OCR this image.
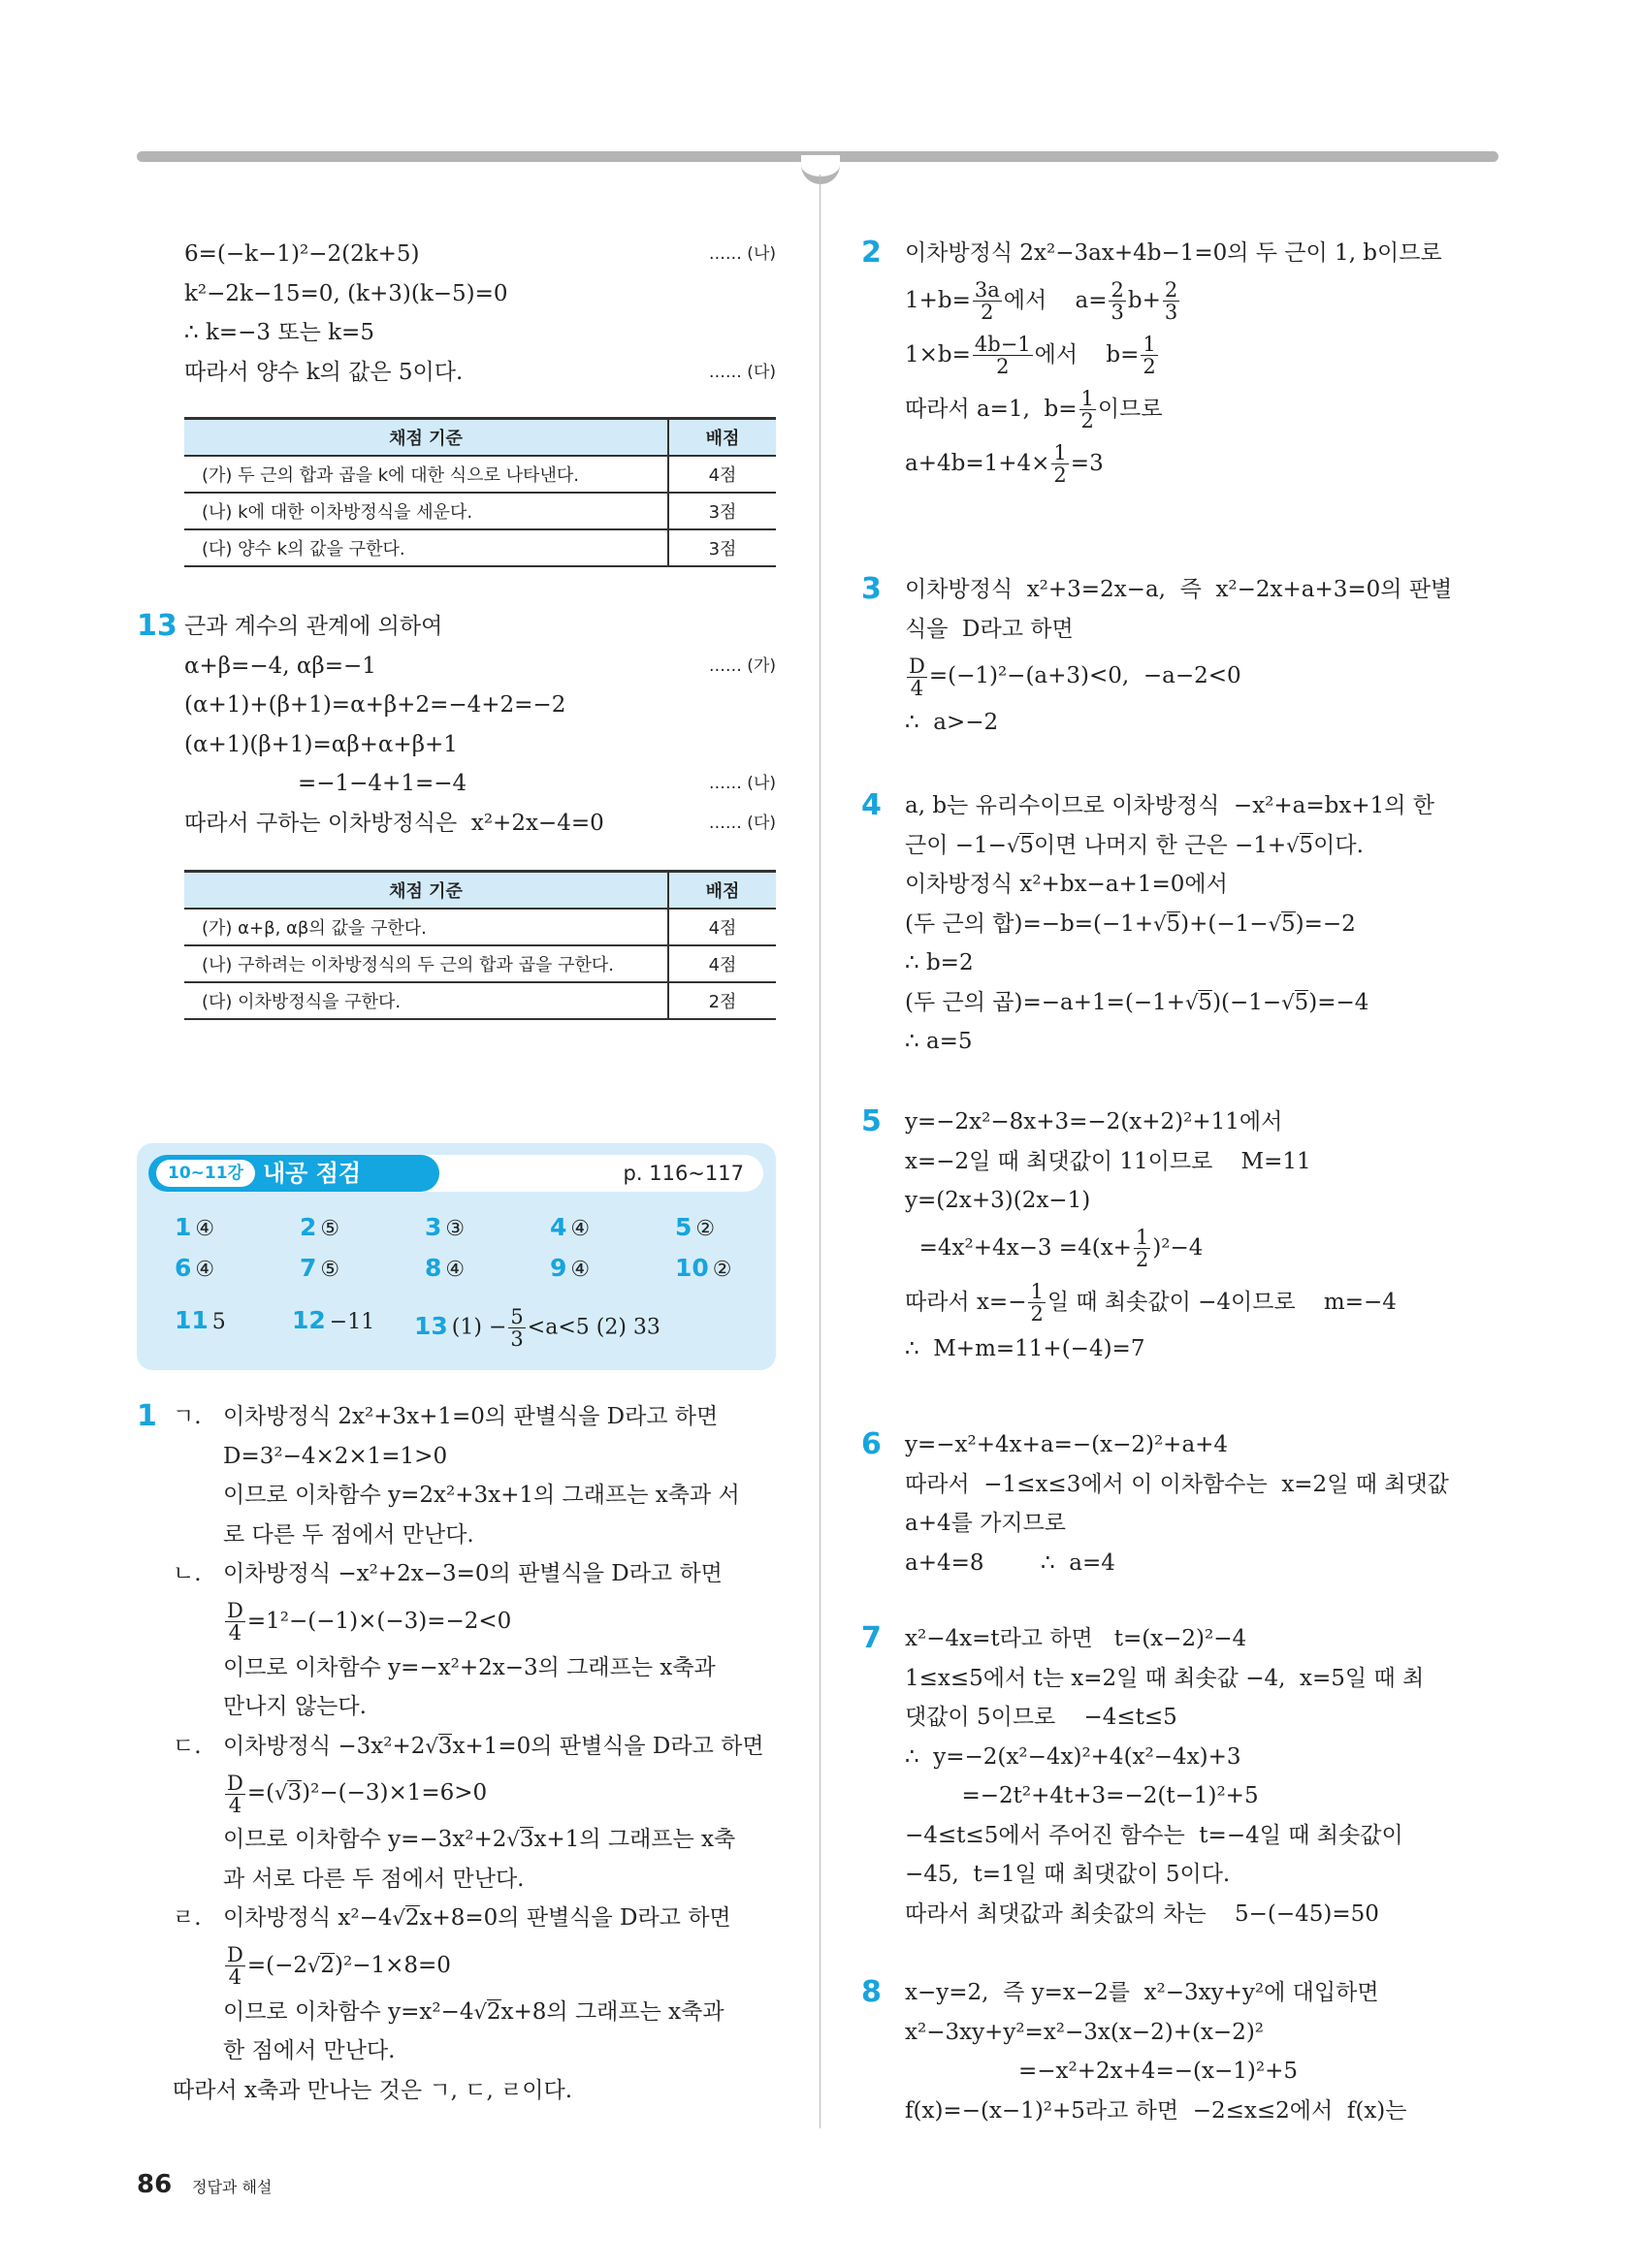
6=(−k−1)²−2(2k+5)	…… (나)
k²−2k−15=0, (k+3)(k−5)=0
∴ k=−3 또는 k=5
따라서 양수 k의 값은 5이다.	…… (다)
채점 기준	배점
(가) 두 근의 합과 곱을 k에 대한 식으로 나타낸다.	4점
(나) k에 대한 이차방정식을 세운다.	3점
(다) 양수 k의 값을 구한다.	3점
13 근과 계수의 관계에 의하여
α+β=−4, αβ=−1	…… (가)
(α+1)+(β+1)=α+β+2=−4+2=−2
(α+1)(β+1)=αβ+α+β+1
=−1−4+1=−4	…… (나)
따라서 구하는 이차방정식은  x²+2x−4=0	…… (다)
채점 기준	배점
(가) α+β, αβ의 값을 구한다.	4점
(나) 구하려는 이차방정식의 두 근의 합과 곱을 구한다.	4점
(다) 이차방정식을 구한다.	2점
10~11강 내공 점검	p. 116~117
1 ④	2 ⑤	3 ③	4 ④	5 ②
6 ④	7 ⑤	8 ④	9 ④	10 ②
11 5	12 −11 13 $(1) - \frac{5}{3} <a<5$ (2) 33
1 ㄱ. 이차방정식 2x²+3x+1=0의 판별식을 D라고 하면
D=3²−4×2×1=1>0
이므로 이차함수 y=2x²+3x+1의 그래프는 x축과 서
로 다른 두 점에서 만난다.
ㄴ. 이차방정식 −x²+2x−3=0의 판별식을 D라고 하면
$\frac{D}{4} =1^2-(-1)\times(-3)=-2<0$
이므로 이차함수 y=−x²+2x−3의 그래프는 x축과
만나지 않는다.
ㄷ. 이차방정식 −3x²+2√3x+1=0의 판별식을 D라고 하면
$\frac{D}{4} =(√3)^2-(-3)\times 1=6>0$
이므로 이차함수 y=−3x²+2√3x+1의 그래프는 x축
과 서로 다른 두 점에서 만난다.
ㄹ. 이차방정식 x²−4√2x+8=0의 판별식을 D라고 하면
$\frac{D}{4} =(-2√2)^2-1\times 8=0$
이므로 이차함수 y=x²−4√2x+8의 그래프는 x축과
한 점에서 만난다.
따라서 x축과 만나는 것은 ㄱ, ㄷ, ㄹ이다.
2 이차방정식 2x²−3ax+4b−1=0의 두 근이 1, b이므로
$1+b= \frac{3a}{2}$ 에서    $a= \frac{2}{3} b+ \frac{2}{3}$
$1\times b= \frac{4b-1}{2}$ 에서    $b= \frac{1}{2}$
따라서 a=1,  $b= \frac{1}{2}$ 이므로
$a+4b=1+4\times \frac{1}{2} =3$
3 이차방정식  x²+3=2x−a,  즉  x²−2x+a+3=0의 판별
식을  D라고 하면
$\frac{D}{4} =(-1)^2-(a+3)<0$,  −a−2<0
∴  a>−2
4 a, b는 유리수이므로 이차방정식  −x²+a=bx+1의 한
근이 −1−√5이면 나머지 한 근은 −1+√5이다.
이차방정식 x²+bx−a+1=0에서
(두 근의 합)=−b=(−1+√5)+(−1−√5)=−2
∴ b=2
(두 근의 곱)=−a+1=(−1+√5)(−1−√5)=−4
∴ a=5
5 y=−2x²−8x+3=−2(x+2)²+11에서
x=−2일 때 최댓값이 11이므로    M=11
y=(2x+3)(2x−1)
$=4x^2+4x-3 =4(x+ \frac{1}{2} )^2-4$
따라서 $x=- \frac{1}{2}$ 일 때 최솟값이 −4이므로    m=−4
∴  M+m=11+(−4)=7
6 y=−x²+4x+a=−(x−2)²+a+4
따라서  −1≤x≤3에서 이 이차함수는  x=2일 때 최댓값
a+4를 가지므로
a+4=8        ∴  a=4
7 x²−4x=t라고 하면   t=(x−2)²−4
1≤x≤5에서 t는 x=2일 때 최솟값 −4,  x=5일 때 최
댓값이 5이므로    −4≤t≤5
∴  y=−2(x²−4x)²+4(x²−4x)+3
=−2t²+4t+3=−2(t−1)²+5
−4≤t≤5에서 주어진 함수는  t=−4일 때 최솟값이
−45,  t=1일 때 최댓값이 5이다.
따라서 최댓값과 최솟값의 차는    5−(−45)=50
8 x−y=2,  즉 y=x−2를  x²−3xy+y²에 대입하면
x²−3xy+y²=x²−3x(x−2)+(x−2)²
=−x²+2x+4=−(x−1)²+5
f(x)=−(x−1)²+5라고 하면  −2≤x≤2에서  f(x)는
86 정답과 해설
